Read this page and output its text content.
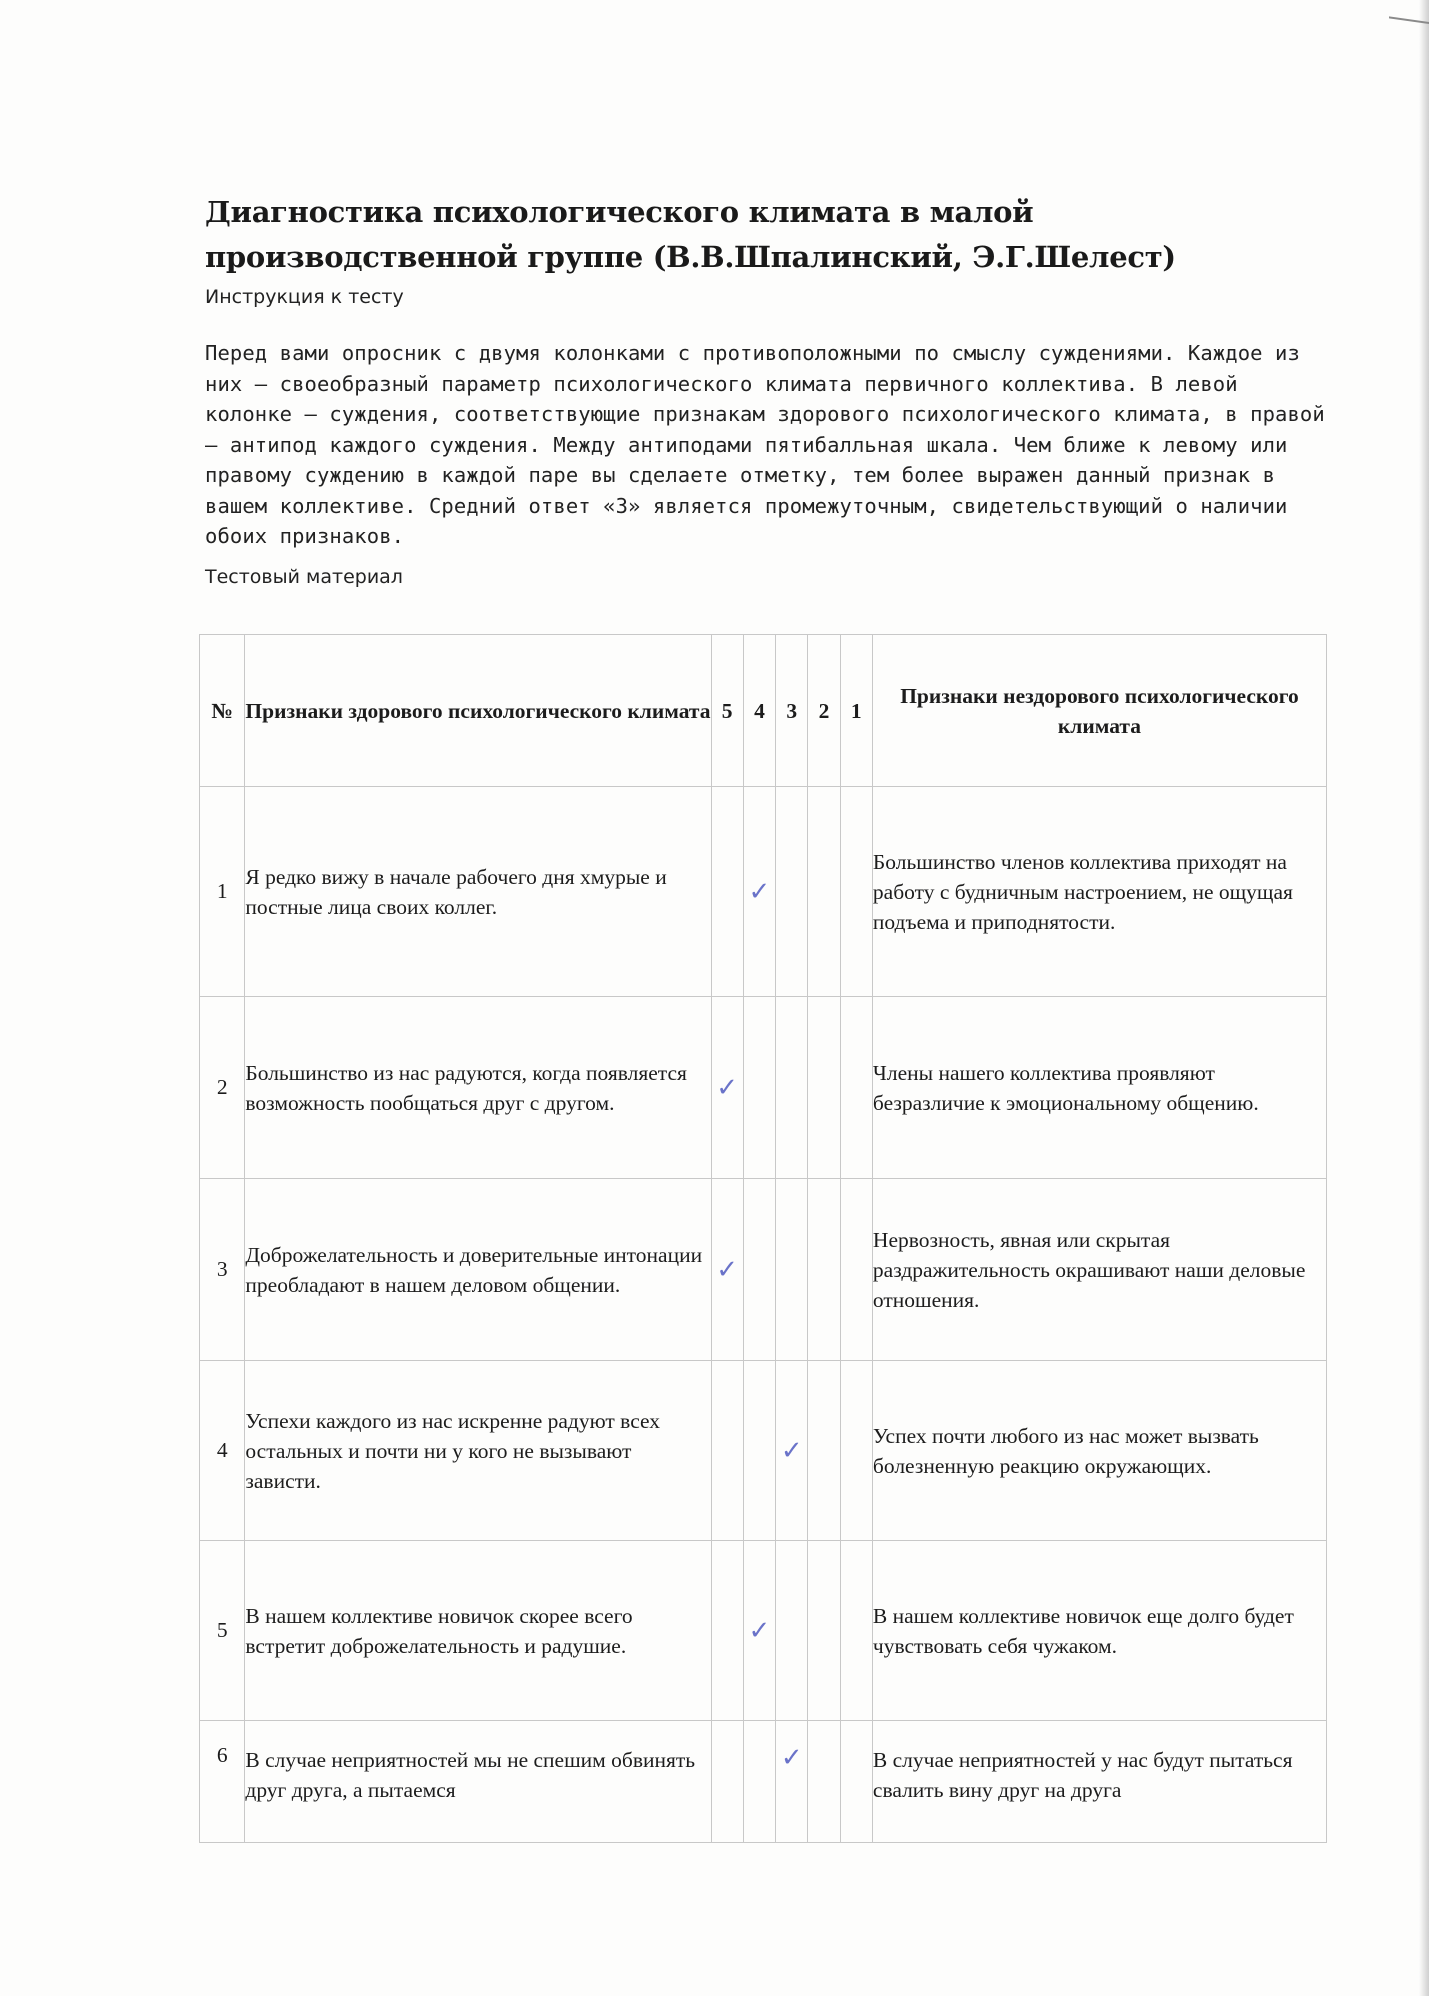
Диагностика психологического климата в малой производственной группе (В.В.Шпалинский, Э.Г.Шелест)
Инструкция к тесту
Перед вами опросник с двумя колонками с противоположными по смыслу суждениями. Каждое из них – своеобразный параметр психологического климата первичного коллектива. В левой колонке – суждения, соответствующие признакам здорового психологического климата, в правой – антипод каждого суждения. Между антиподами пятибалльная шкала. Чем ближе к левому или правому суждению в каждой паре вы сделаете отметку, тем более выражен данный признак в вашем коллективе. Средний ответ «3» является промежуточным, свидетельствующий о наличии обоих признаков.
Тестовый материал
№	Признаки здорового психологического климата	5	4	3	2	1	Признаки нездорового психологического климата
1	Я редко вижу в начале рабочего дня хмурые и постные лица своих коллег.		✓				Большинство членов коллектива приходят на работу с будничным настроением, не ощущая подъема и приподнятости.
2	Большинство из нас радуются, когда появляется возможность пообщаться друг с другом.	✓					Члены нашего коллектива проявляют безразличие к эмоциональному общению.
3	Доброжелательность и доверительные интонации преобладают в нашем деловом общении.	✓					Нервозность, явная или скрытая раздражительность окрашивают наши деловые отношения.
4	Успехи каждого из нас искренне радуют всех остальных и почти ни у кого не вызывают зависти.			✓			Успех почти любого из нас может вызвать болезненную реакцию окружающих.
5	В нашем коллективе новичок скорее всего встретит доброжелательность и радушие.		✓				В нашем коллективе новичок еще долго будет чувствовать себя чужаком.
6	В случае неприятностей мы не спешим обвинять друг друга, а пытаемся			✓			В случае неприятностей у нас будут пытаться свалить вину друг на друга
